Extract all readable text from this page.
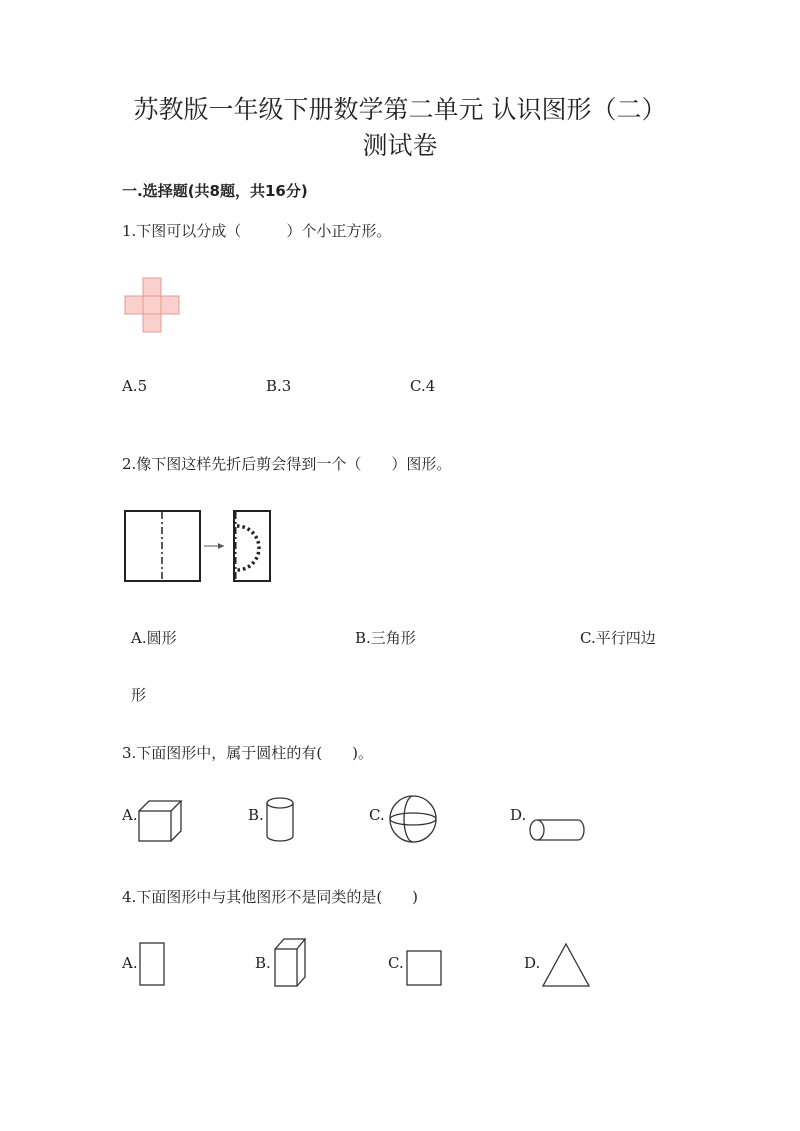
苏教版一年级下册数学第二单元 认识图形（二）
测试卷
一.选择题(共8题，共16分)
1.下图可以分成（　　　）个小正方形。
A.5	B.3	C.4
2.像下图这样先折后剪会得到一个（　　）图形。
A.圆形	B.三角形	C.平行四边
形
3.下面图形中，属于圆柱的有(　　)。
A.	B.	C.	D.
4.下面图形中与其他图形不是同类的是(　　)
A.	B.	C.	D.
